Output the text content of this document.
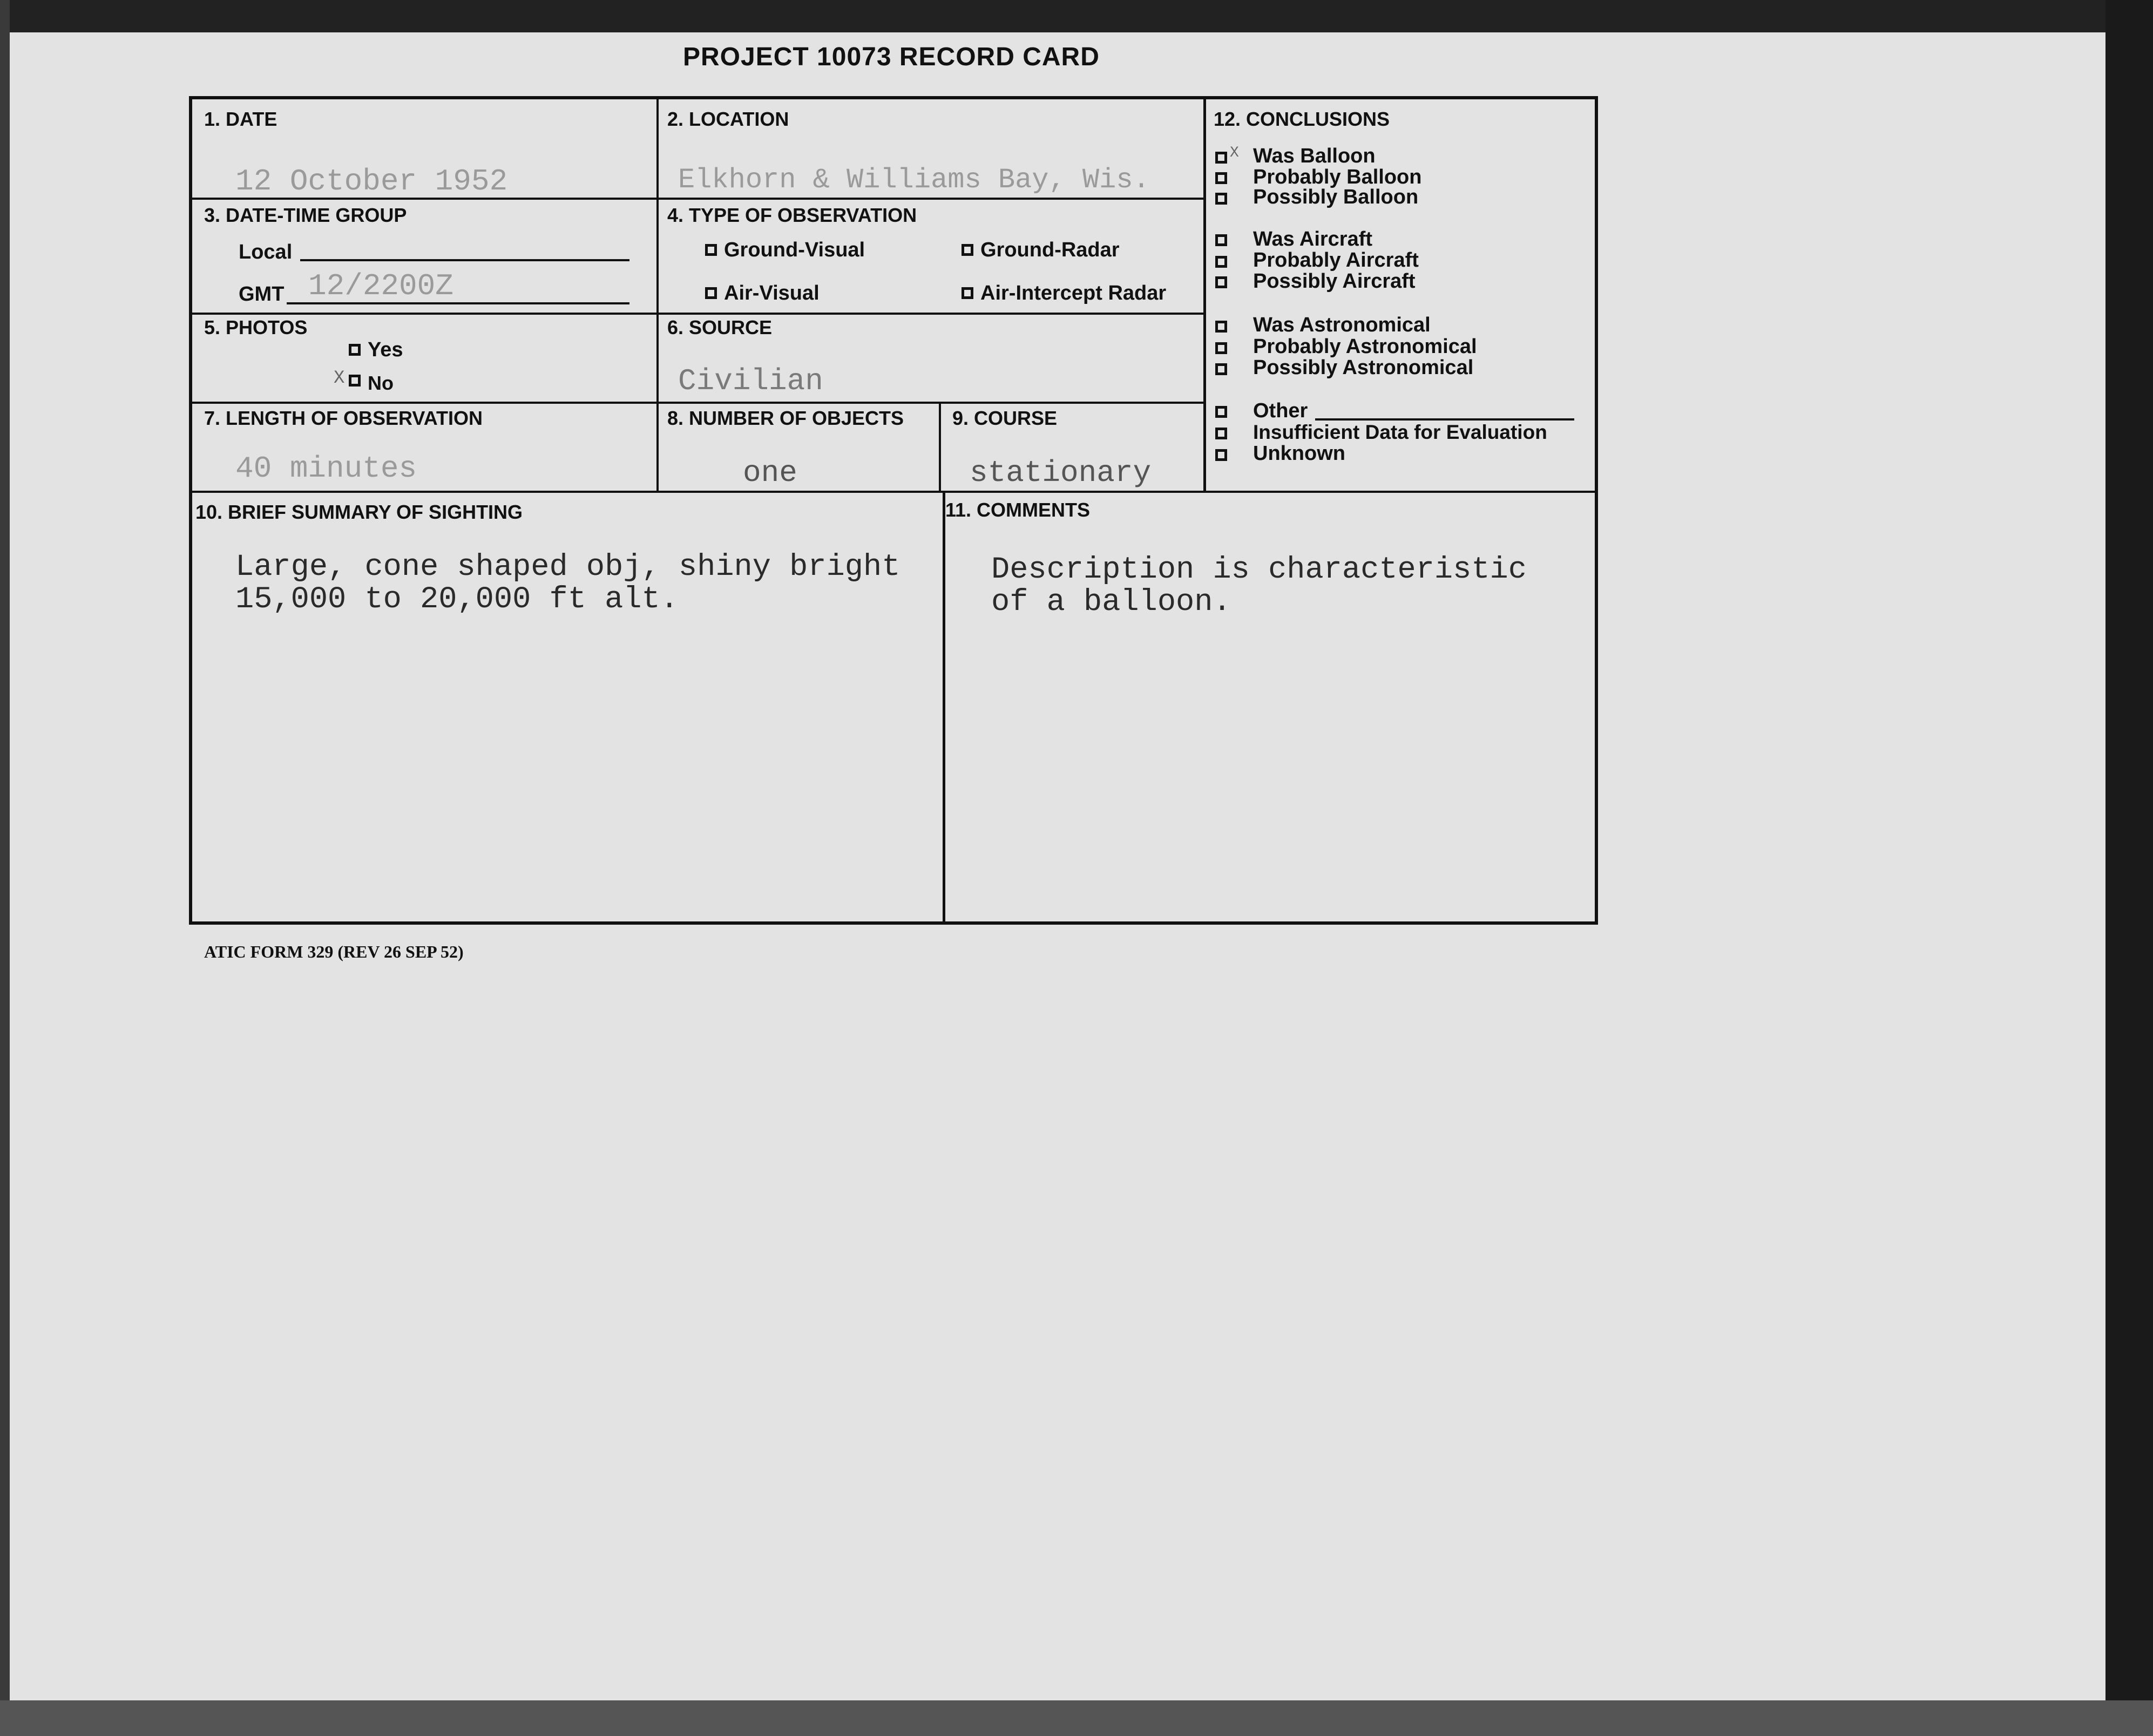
PROJECT 10073 RECORD CARD
1. DATE
12 October 1952
2. LOCATION
Elkhorn & Williams Bay, Wis.
3. DATE-TIME GROUP
Local
GMT 12/2200Z
4. TYPE OF OBSERVATION
Ground-Visual	Ground-Radar
Air-Visual	Air-Intercept Radar
5. PHOTOS
Yes
X No
6. SOURCE
Civilian
7. LENGTH OF OBSERVATION
40 minutes
8. NUMBER OF OBJECTS
one
9. COURSE
stationary
12. CONCLUSIONS
X Was Balloon
Probably Balloon
Possibly Balloon
Was Aircraft
Probably Aircraft
Possibly Aircraft
Was Astronomical
Probably Astronomical
Possibly Astronomical
Other
Insufficient Data for Evaluation
Unknown
10. BRIEF SUMMARY OF SIGHTING
Large, cone shaped obj, shiny bright
15,000 to 20,000 ft alt.
11. COMMENTS
Description is characteristic
of a balloon.
ATIC FORM 329 (REV 26 SEP 52)
